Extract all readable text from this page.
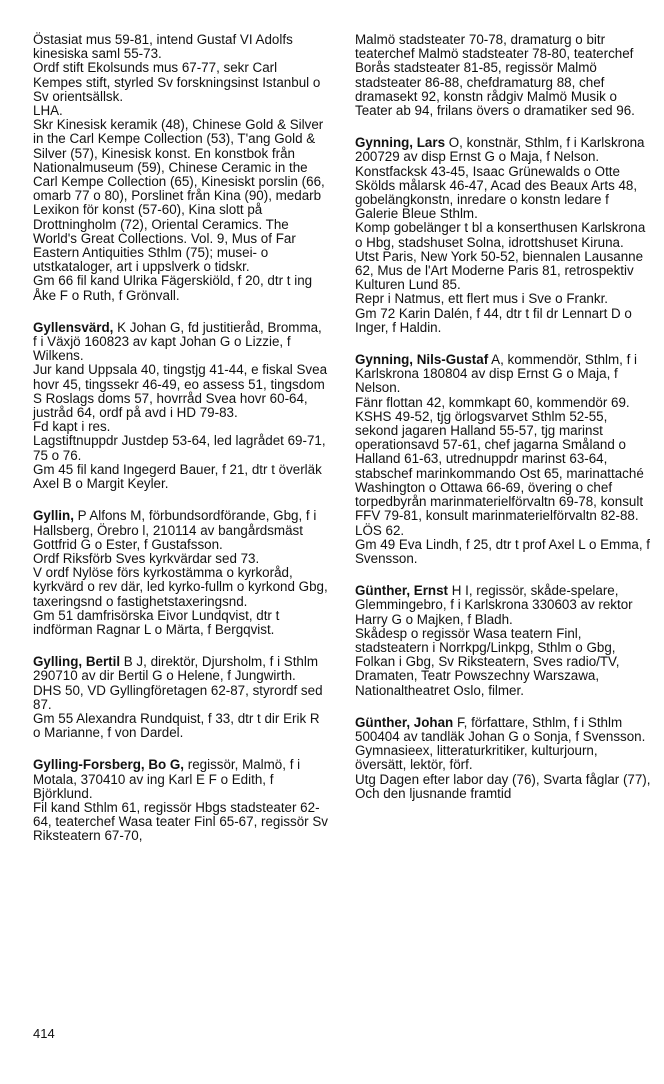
Östasiat mus 59-81, intend Gustaf VI Adolfs kinesiska saml 55-73.

Ordf stift Ekolsunds mus 67-77, sekr Carl Kempes stift, styrled Sv forskningsinst Istanbul o Sv orientsällsk.

LHA.

Skr Kinesisk keramik (48), Chinese Gold & Silver in the Carl Kempe Collection (53), T'ang Gold & Silver (57), Kinesisk konst. En konstbok från Nationalmuseum (59), Chinese Ceramic in the Carl Kempe Collection (65), Kinesiskt porslin (66, omarb 77 o 80), Porslinet från Kina (90), medarb Lexikon för konst (57-60), Kina slott på Drottningholm (72), Oriental Ceramics. The World's Great Collections. Vol. 9, Mus of Far Eastern Antiquities Sthlm (75); musei- o utstkataloger, art i uppslverk o tidskr.

Gm 66 fil kand Ulrika Fägerskiöld, f 20, dtr t ing Åke F o Ruth, f Grönvall.

Gyllensvärd, K Johan G, fd justitieråd, Bromma, f i Växjö 160823 av kapt Johan G o Lizzie, f Wilkens.

Jur kand Uppsala 40, tingstjg 41-44, e fiskal Svea hovr 45, tingssekr 46-49, eo assess 51, tingsdom S Roslags doms 57, hovrråd Svea hovr 60-64, justråd 64, ordf på avd i HD 79-83.

Fd kapt i res.

Lagstiftnuppdr Justdep 53-64, led lagrådet 69-71, 75 o 76.

Gm 45 fil kand Ingegerd Bauer, f 21, dtr t överläk Axel B o Margit Keyler.

Gyllin, P Alfons M, förbundsordförande, Gbg, f i Hallsberg, Örebro l, 210114 av bangårdsmäst Gottfrid G o Ester, f Gustafsson.

Ordf Riksförb Sves kyrkvärdar sed 73.

V ordf Nylöse förs kyrkostämma o kyrkoråd, kyrkvärd o rev där, led kyrko-fullm o kyrkond Gbg, taxeringsnd o fastighetstaxeringsnd.

Gm 51 damfrisörska Eivor Lundqvist, dtr t indförman Ragnar L o Märta, f Bergqvist.

Gylling, Bertil B J, direktör, Djursholm, f i Sthlm 290710 av dir Bertil G o Helene, f Jungwirth.

DHS 50, VD Gyllingföretagen 62-87, styrordf sed 87.

Gm 55 Alexandra Rundquist, f 33, dtr t dir Erik R o Marianne, f von Dardel.

Gylling-Forsberg, Bo G, regissör, Malmö, f i Motala, 370410 av ing Karl E F o Edith, f Björklund.

Fil kand Sthlm 61, regissör Hbgs stadsteater 62-64, teaterchef Wasa teater Finl 65-67, regissör Sv Riksteatern 67-70,

Malmö stadsteater 70-78, dramaturg o bitr teaterchef Malmö stadsteater 78-80, teaterchef Borås stadsteater 81-85, regissör Malmö stadsteater 86-88, chefdramaturg 88, chef dramasekt 92, konstn rådgiv Malmö Musik o Teater ab 94, frilans övers o dramatiker sed 96.

Gynning, Lars O, konstnär, Sthlm, f i Karlskrona 200729 av disp Ernst G o Maja, f Nelson.

Konstfacksk 43-45, Isaac Grünewalds o Otte Skölds målarsk 46-47, Acad des Beaux Arts 48, gobelängkonstn, inredare o konstn ledare f Galerie Bleue Sthlm.

Komp gobelänger t bl a konserthusen Karlskrona o Hbg, stadshuset Solna, idrottshuset Kiruna.

Utst Paris, New York 50-52, biennalen Lausanne 62, Mus de l'Art Moderne Paris 81, retrospektiv Kulturen Lund 85.

Repr i Natmus, ett flert mus i Sve o Frankr.

Gm 72 Karin Dalén, f 44, dtr t fil dr Lennart D o Inger, f Haldin.

Gynning, Nils-Gustaf A, kommendör, Sthlm, f i Karlskrona 180804 av disp Ernst G o Maja, f Nelson.

Fänr flottan 42, kommkapt 60, kommendör 69.

KSHS 49-52, tjg örlogsvarvet Sthlm 52-55, sekond jagaren Halland 55-57, tjg marinst operationsavd 57-61, chef jagarna Småland o Halland 61-63, utrednuppdr marinst 63-64, stabschef marinkommando Ost 65, marinattaché Washington o Ottawa 66-69, övering o chef torpedbyrån marinmaterielförvaltn 69-78, konsult FFV 79-81, konsult marinmaterielförvaltn 82-88.

LÖS 62.

Gm 49 Eva Lindh, f 25, dtr t prof Axel L o Emma, f Svensson.

Günther, Ernst H I, regissör, skåde-spelare, Glemmingebro, f i Karlskrona 330603 av rektor Harry G o Majken, f Bladh.

Skådesp o regissör Wasa teatern Finl, stadsteatern i Norrkpg/Linkpg, Sthlm o Gbg, Folkan i Gbg, Sv Riksteatern, Sves radio/TV, Dramaten, Teatr Powszechny Warszawa, Nationaltheatret Oslo, filmer.

Günther, Johan F, författare, Sthlm, f i Sthlm 500404 av tandläk Johan G o Sonja, f Svensson.

Gymnasieex, litteraturkritiker, kulturjourn, översätt, lektör, förf.

Utg Dagen efter labor day (76), Svarta fåglar (77), Och den ljusnande framtid

414
